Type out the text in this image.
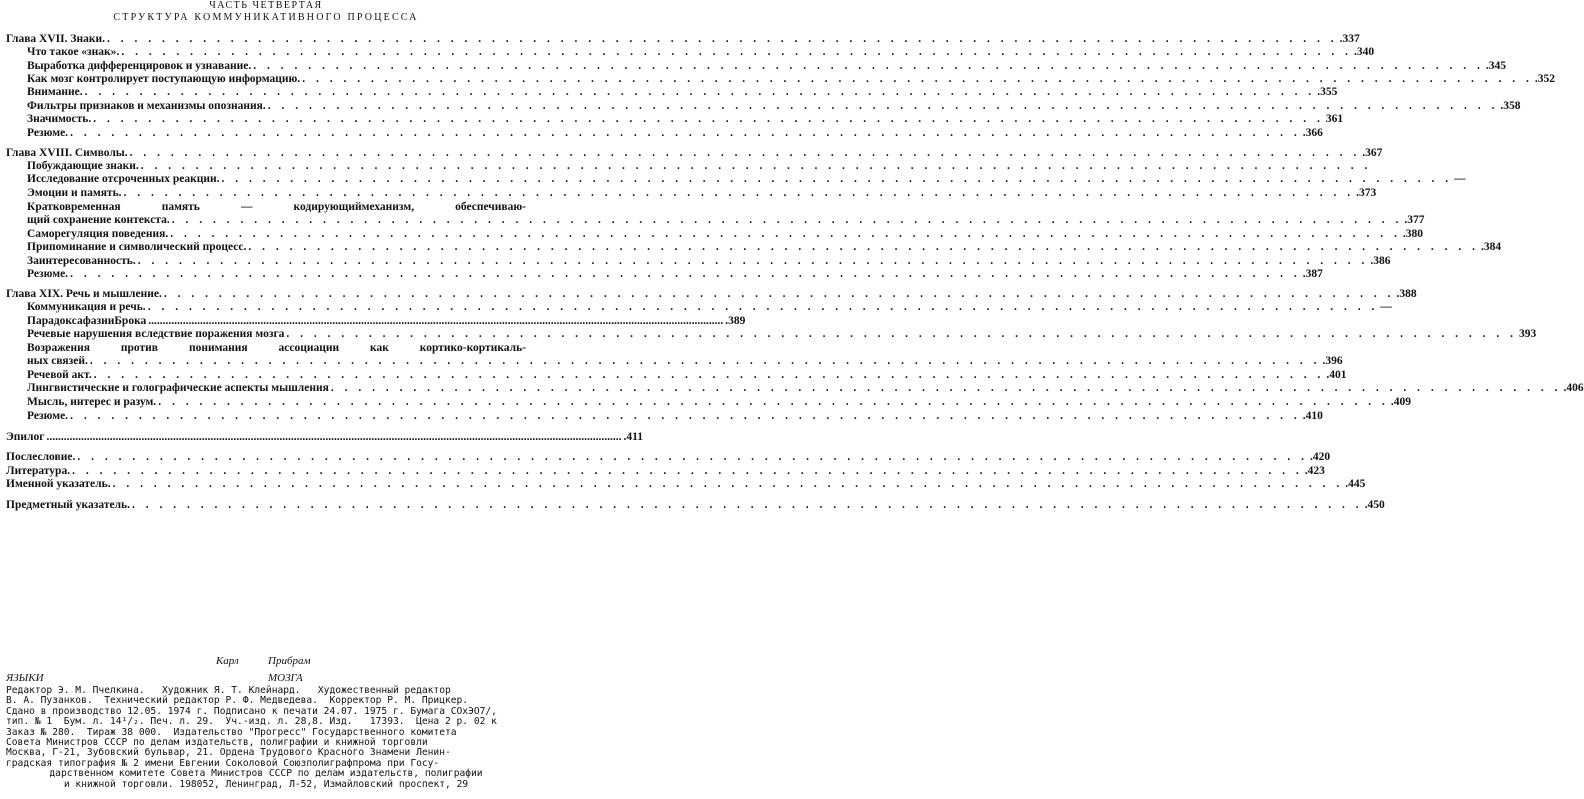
ЧАСТЬ ЧЕТВЕРТАЯ
СТРУКТУРА КОММУНИКАТИВНОГО ПРОЦЕССА
Глава XVII. Знаки. . . . . . . . . . . . . . . . . . . . . . . . . . . . . . . . . . . . . . . . . . . . . . . . . . . . . . . . . . . . . . . . . . . . . . . . . . . . . . . . . . . . . . . . . . . .337
Что такое «знак». . . . . . . . . . . . . . . . . . . . . . . . . . . . . . . . . . . . . . . . . . . . . . . . . . . . . . . . . . . . . . . . . . . . . . . . . . . . . . . . . . . . . . . . . . . .340
Выработка дифференцировок и узнавание. . . . . . . . . . . . . . . . . . . . . . . . . . . . . . . . . . . . . . . . . . . . . . . . . . . . . . . . . . . . . . . . . . . . . . . . . . . . . . . . . . . . . . . . . . . .345
Как мозг контролирует поступающую информацию. . . . . . . . . . . . . . . . . . . . . . . . . . . . . . . . . . . . . . . . . . . . . . . . . . . . . . . . . . . . . . . . . . . . . . . . . . . . . . . . . . . . . . . . . . . .352
Внимание. . . . . . . . . . . . . . . . . . . . . . . . . . . . . . . . . . . . . . . . . . . . . . . . . . . . . . . . . . . . . . . . . . . . . . . . . . . . . . . . . . . . . . . . . . . .355
Фильтры признаков и механизмы опознания. . . . . . . . . . . . . . . . . . . . . . . . . . . . . . . . . . . . . . . . . . . . . . . . . . . . . . . . . . . . . . . . . . . . . . . . . . . . . . . . . . . . . . . . . . . .358
Значимость. . . . . . . . . . . . . . . . . . . . . . . . . . . . . . . . . . . . . . . . . . . . . . . . . . . . . . . . . . . . . . . . . . . . . . . . . . . . . . . . . . . . . . . . . . . 361
Резюме. . . . . . . . . . . . . . . . . . . . . . . . . . . . . . . . . . . . . . . . . . . . . . . . . . . . . . . . . . . . . . . . . . . . . . . . . . . . . . . . . . . . . . . . . . . .366
Глава XVIII. Символы. . . . . . . . . . . . . . . . . . . . . . . . . . . . . . . . . . . . . . . . . . . . . . . . . . . . . . . . . . . . . . . . . . . . . . . . . . . . . . . . . . . . . . . . . . . .367
Побуждающие знаки. . . . . . . . . . . . . . . . . . . . . . . . . . . . . . . . . . . . . . . . . . . . . . . . . . . . . . . . . . . . . . . . . . . . . . . . . . . . . . . . . . . . . . . . . . .
Исследование отсроченных реакции. . . . . . . . . . . . . . . . . . . . . . . . . . . . . . . . . . . . . . . . . . . . . . . . . . . . . . . . . . . . . . . . . . . . . . . . . . . . . . . . . . . . . . . . . . . —
Эмоции и память. . . . . . . . . . . . . . . . . . . . . . . . . . . . . . . . . . . . . . . . . . . . . . . . . . . . . . . . . . . . . . . . . . . . . . . . . . . . . . . . . . . . . . . . . . . .373
Кратковременная память — кодирующиймеханизм, обеспечиваю-
щий сохранение контекста. . . . . . . . . . . . . . . . . . . . . . . . . . . . . . . . . . . . . . . . . . . . . . . . . . . . . . . . . . . . . . . . . . . . . . . . . . . . . . . . . . . . . . . . . . . .377
Саморегуляция поведения. . . . . . . . . . . . . . . . . . . . . . . . . . . . . . . . . . . . . . . . . . . . . . . . . . . . . . . . . . . . . . . . . . . . . . . . . . . . . . . . . . . . . . . . . . . .380
Припоминание и символический процесс. . . . . . . . . . . . . . . . . . . . . . . . . . . . . . . . . . . . . . . . . . . . . . . . . . . . . . . . . . . . . . . . . . . . . . . . . . . . . . . . . . . . . . . . . . . .384
Заинтересованность. . . . . . . . . . . . . . . . . . . . . . . . . . . . . . . . . . . . . . . . . . . . . . . . . . . . . . . . . . . . . . . . . . . . . . . . . . . . . . . . . . . . . . . . . . . .386
Резюме. . . . . . . . . . . . . . . . . . . . . . . . . . . . . . . . . . . . . . . . . . . . . . . . . . . . . . . . . . . . . . . . . . . . . . . . . . . . . . . . . . . . . . . . . . . .387
Глава XIX. Речь и мышление. . . . . . . . . . . . . . . . . . . . . . . . . . . . . . . . . . . . . . . . . . . . . . . . . . . . . . . . . . . . . . . . . . . . . . . . . . . . . . . . . . . . . . . . . . . .388
Коммуникация и речь. . . . . . . . . . . . . . . . . . . . . . . . . . . . . . . . . . . . . . . . . . . . . . . . . . . . . . . . . . . . . . . . . . . . . . . . . . . . . . . . . . . . . . . . . . . —
ПарадоксафазииБрока ........................................................................................................................................................................................................ .389
Речевые нарушения вследствие поражения мозга . . . . . . . . . . . . . . . . . . . . . . . . . . . . . . . . . . . . . . . . . . . . . . . . . . . . . . . . . . . . . . . . . . . . . . . . . . . . . . . . . . . . . . . . . . 393
Возражения против понимания ассоциации как кортико-кортикаль-
ных связей. . . . . . . . . . . . . . . . . . . . . . . . . . . . . . . . . . . . . . . . . . . . . . . . . . . . . . . . . . . . . . . . . . . . . . . . . . . . . . . . . . . . . . . . . . . .396
Речевой акт. . . . . . . . . . . . . . . . . . . . . . . . . . . . . . . . . . . . . . . . . . . . . . . . . . . . . . . . . . . . . . . . . . . . . . . . . . . . . . . . . . . . . . . . . . . .401
Лингвистические и голографические аспекты мышления . . . . . . . . . . . . . . . . . . . . . . . . . . . . . . . . . . . . . . . . . . . . . . . . . . . . . . . . . . . . . . . . . . . . . . . . . . . . . . . . . . . . . . . . . . .406
Мысль, интерес и разум. . . . . . . . . . . . . . . . . . . . . . . . . . . . . . . . . . . . . . . . . . . . . . . . . . . . . . . . . . . . . . . . . . . . . . . . . . . . . . . . . . . . . . . . . . . .409
Резюме. . . . . . . . . . . . . . . . . . . . . . . . . . . . . . . . . . . . . . . . . . . . . . . . . . . . . . . . . . . . . . . . . . . . . . . . . . . . . . . . . . . . . . . . . . . .410
Эпилог ........................................................................................................................................................................................................ .411
Послесловие. . . . . . . . . . . . . . . . . . . . . . . . . . . . . . . . . . . . . . . . . . . . . . . . . . . . . . . . . . . . . . . . . . . . . . . . . . . . . . . . . . . . . . . . . . . .420
Литература. . . . . . . . . . . . . . . . . . . . . . . . . . . . . . . . . . . . . . . . . . . . . . . . . . . . . . . . . . . . . . . . . . . . . . . . . . . . . . . . . . . . . . . . . . . .423
Именной указатель. . . . . . . . . . . . . . . . . . . . . . . . . . . . . . . . . . . . . . . . . . . . . . . . . . . . . . . . . . . . . . . . . . . . . . . . . . . . . . . . . . . . . . . . . . . .445
Предметный указатель. . . . . . . . . . . . . . . . . . . . . . . . . . . . . . . . . . . . . . . . . . . . . . . . . . . . . . . . . . . . . . . . . . . . . . . . . . . . . . . . . . . . . . . . . . . .450
Карл	Прибрам
ЯЗЫКИ	МОЗГА
Редактор Э. М. Пчелкина.   Художник Я. Т. Клейнард.   Художественный редактор
В. А. Пузанков.  Технический редактор Р. Ф. Медведева.  Корректор Р. М. Прицкер.
Сдано в производство 12.05. 1974 г. Подписано к печати 24.07. 1975 г. Бумага СОхЭО7/,
тип. № 1  Бум. л. 14¹/₂. Печ. л. 29.  Уч.-изд. л. 28,8. Изд.   17393.  Цена 2 р. 02 к
Заказ № 280.  Тираж 38 000.  Издательство "Прогресс" Государственного комитета
Совета Министров СССР по делам издательств, полиграфии и книжной торговли
Москва, Г-21, Зубовский бульвар, 21. Ордена Трудового Красного Знамени Ленин-
градская типография № 2 имени Евгении Соколовой Союзполиграфпрома при Госу-
дарственном комитете Совета Министров СССР по делам издательств, полиграфии
и книжной торговли. 198052, Ленинград, Л-52, Измайловский проспект, 29
